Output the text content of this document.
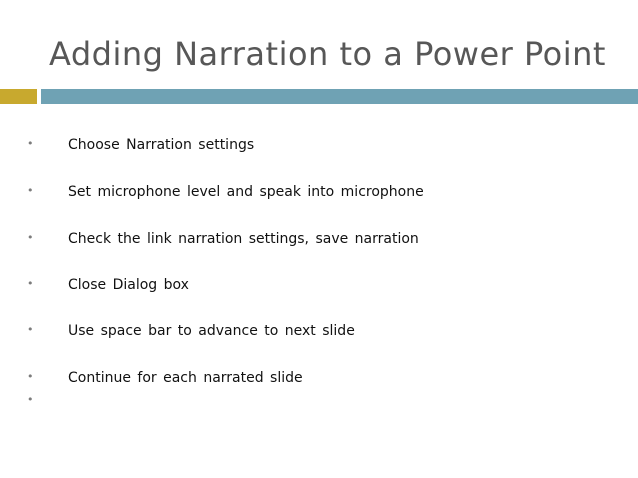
Adding Narration to a Power Point
• Choose Narration settings
• Set microphone level and speak into microphone
• Check the link narration settings, save narration
• Close Dialog box
• Use space bar to advance to next slide
• Continue for each narrated slide
•
